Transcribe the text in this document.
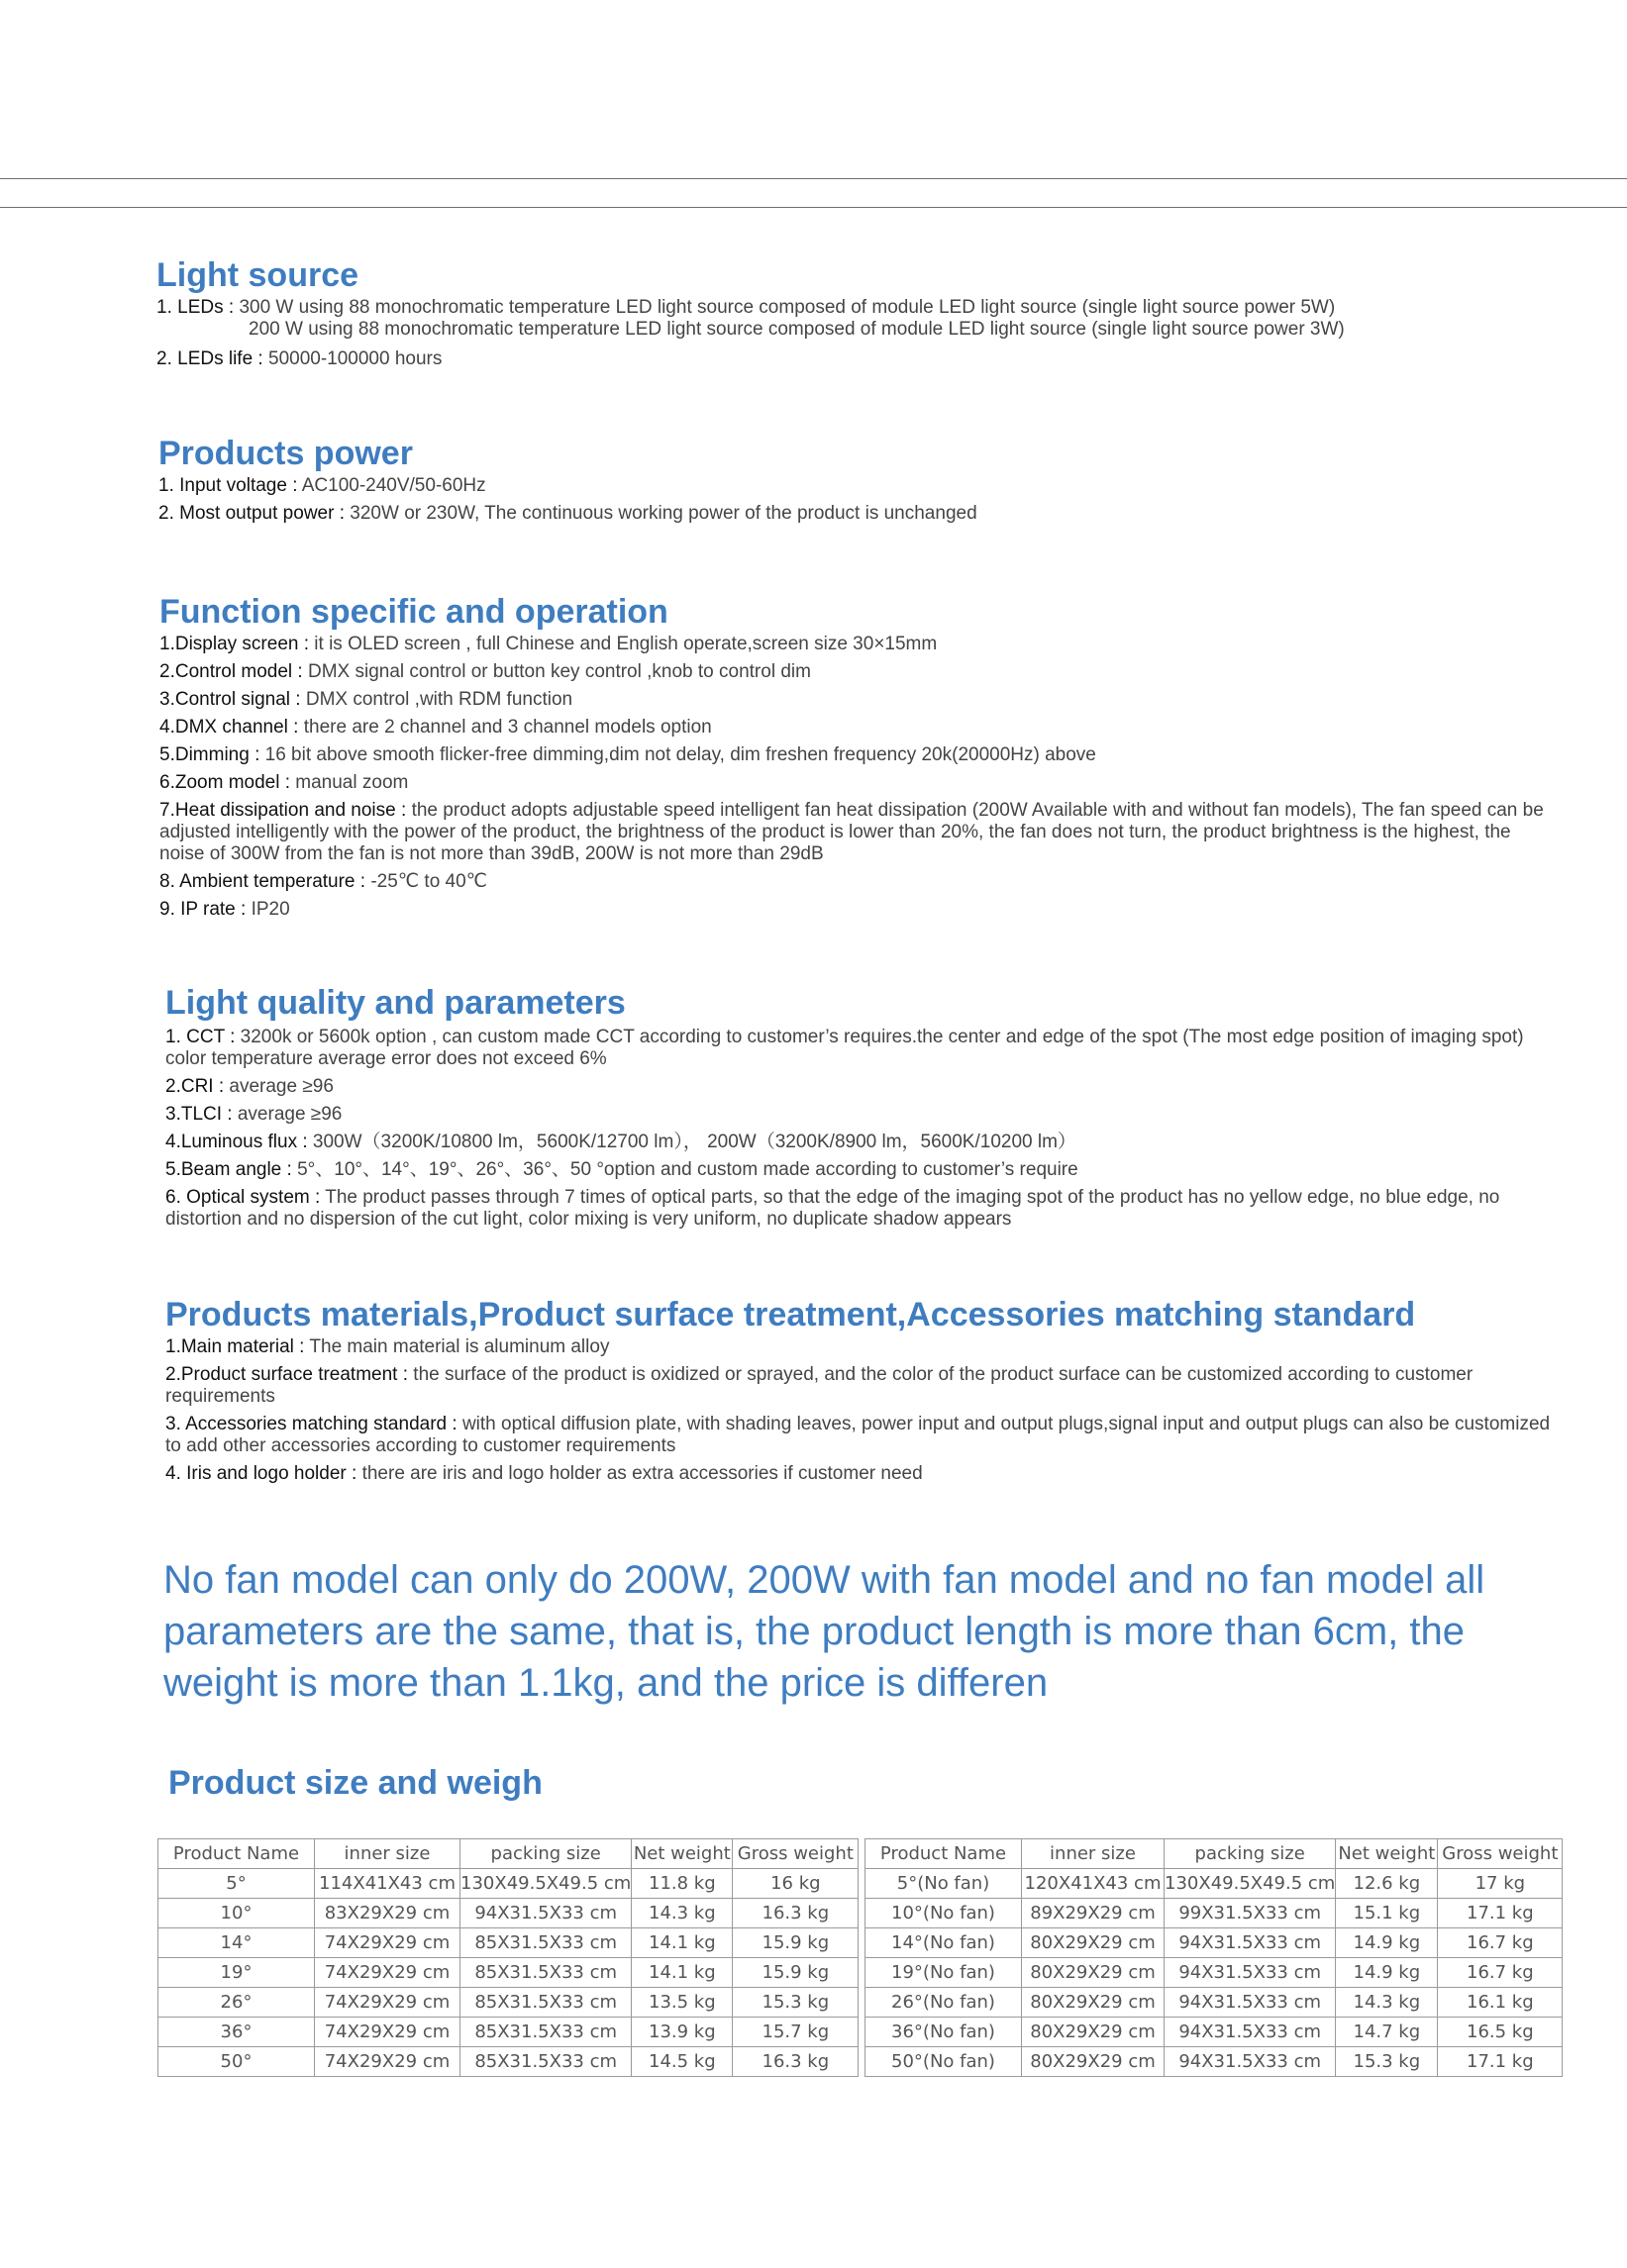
Light source
1. LEDs : 300 W using 88 monochromatic temperature LED light source composed of module LED light source (single light source power 5W)

200 W using 88 monochromatic temperature LED light source composed of module LED light source (single light source power 3W)
2. LEDs life : 50000-100000 hours
Products power
1. Input voltage : AC100-240V/50-60Hz
2. Most output power : 320W or 230W, The continuous working power of the product is unchanged
Function specific and operation
1.Display screen : it is OLED screen , full Chinese and English operate,screen size 30×15mm
2.Control model : DMX signal control or button key control ,knob to control dim
3.Control signal : DMX control ,with RDM function
4.DMX channel : there are 2 channel and 3 channel models option
5.Dimming : 16 bit above smooth flicker-free dimming,dim not delay, dim freshen frequency 20k(20000Hz) above
6.Zoom model : manual zoom
7.Heat dissipation and noise : the product adopts adjustable speed intelligent fan heat dissipation (200W Available with and without fan models), The fan speed can be adjusted intelligently with the power of the product, the brightness of the product is lower than 20%, the fan does not turn, the product brightness is the highest, the noise of 300W from the fan is not more than 39dB, 200W is not more than 29dB
8. Ambient temperature : -25℃ to 40℃
9. IP rate : IP20
Light quality and parameters
1. CCT : 3200k or 5600k option , can custom made CCT according to customer’s requires.the center and edge of the spot (The most edge position of imaging spot) color temperature average error does not exceed 6%
2.CRI : average ≥96
3.TLCI : average ≥96
4.Luminous flux : 300W（3200K/10800 lm，5600K/12700 lm）， 200W（3200K/8900 lm，5600K/10200 lm）
5.Beam angle : 5°、10°、14°、19°、26°、36°、50 °option and custom made according to customer’s require
6. Optical system : The product passes through 7 times of optical parts, so that the edge of the imaging spot of the product has no yellow edge, no blue edge, no distortion and no dispersion of the cut light, color mixing is very uniform, no duplicate shadow appears
Products materials,Product surface treatment,Accessories matching standard
1.Main material : The main material is aluminum alloy
2.Product surface treatment : the surface of the product is oxidized or sprayed, and the color of the product surface can be customized according to customer requirements
3. Accessories matching standard : with optical diffusion plate, with shading leaves, power input and output plugs,signal input and output plugs can also be customized to add other accessories according to customer requirements
4. Iris and logo holder : there are iris and logo holder as extra accessories if customer need
No fan model can only do 200W, 200W with fan model and no fan model all parameters are the same, that is, the product length is more than 6cm, the weight is more than 1.1kg, and the price is differen
Product size and weigh
Product Name	inner size	packing size	Net weight	Gross weight
5°	114X41X43 cm	130X49.5X49.5 cm	11.8 kg	16 kg
10°	83X29X29 cm	94X31.5X33 cm	14.3 kg	16.3 kg
14°	74X29X29 cm	85X31.5X33 cm	14.1 kg	15.9 kg
19°	74X29X29 cm	85X31.5X33 cm	14.1 kg	15.9 kg
26°	74X29X29 cm	85X31.5X33 cm	13.5 kg	15.3 kg
36°	74X29X29 cm	85X31.5X33 cm	13.9 kg	15.7 kg
50°	74X29X29 cm	85X31.5X33 cm	14.5 kg	16.3 kg
Product Name	inner size	packing size	Net weight	Gross weight
5°(No fan)	120X41X43 cm	130X49.5X49.5 cm	12.6 kg	17 kg
10°(No fan)	89X29X29 cm	99X31.5X33 cm	15.1 kg	17.1 kg
14°(No fan)	80X29X29 cm	94X31.5X33 cm	14.9 kg	16.7 kg
19°(No fan)	80X29X29 cm	94X31.5X33 cm	14.9 kg	16.7 kg
26°(No fan)	80X29X29 cm	94X31.5X33 cm	14.3 kg	16.1 kg
36°(No fan)	80X29X29 cm	94X31.5X33 cm	14.7 kg	16.5 kg
50°(No fan)	80X29X29 cm	94X31.5X33 cm	15.3 kg	17.1 kg
